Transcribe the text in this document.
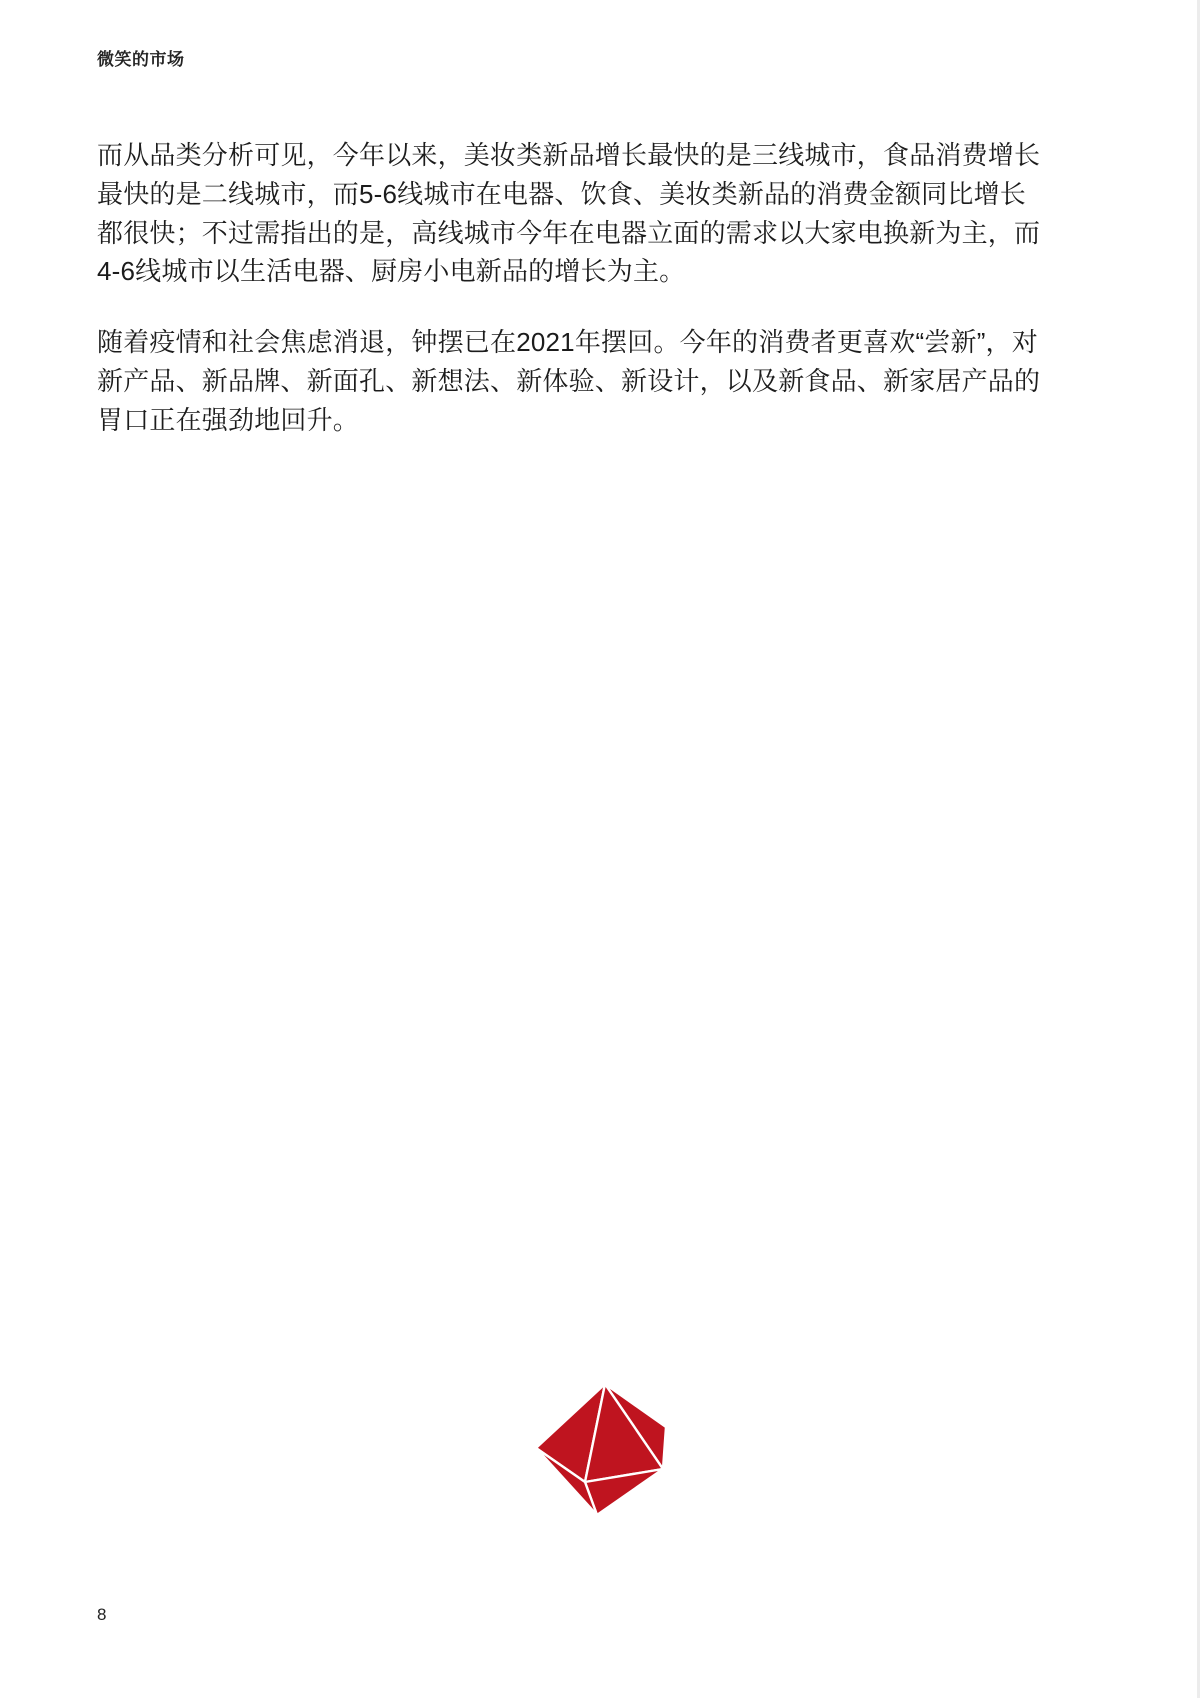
微笑的市场
而从品类分析可见，今年以来，美妆类新品增长最快的是三线城市，食品消费增长
最快的是二线城市，而5-6线城市在电器、饮食、美妆类新品的消费金额同比增长
都很快；不过需指出的是，高线城市今年在电器立面的需求以大家电换新为主，而
4-6线城市以生活电器、厨房小电新品的增长为主。
随着疫情和社会焦虑消退，钟摆已在2021年摆回。今年的消费者更喜欢“尝新”，对
新产品、新品牌、新面孔、新想法、新体验、新设计，以及新食品、新家居产品的
胃口正在强劲地回升。
8
